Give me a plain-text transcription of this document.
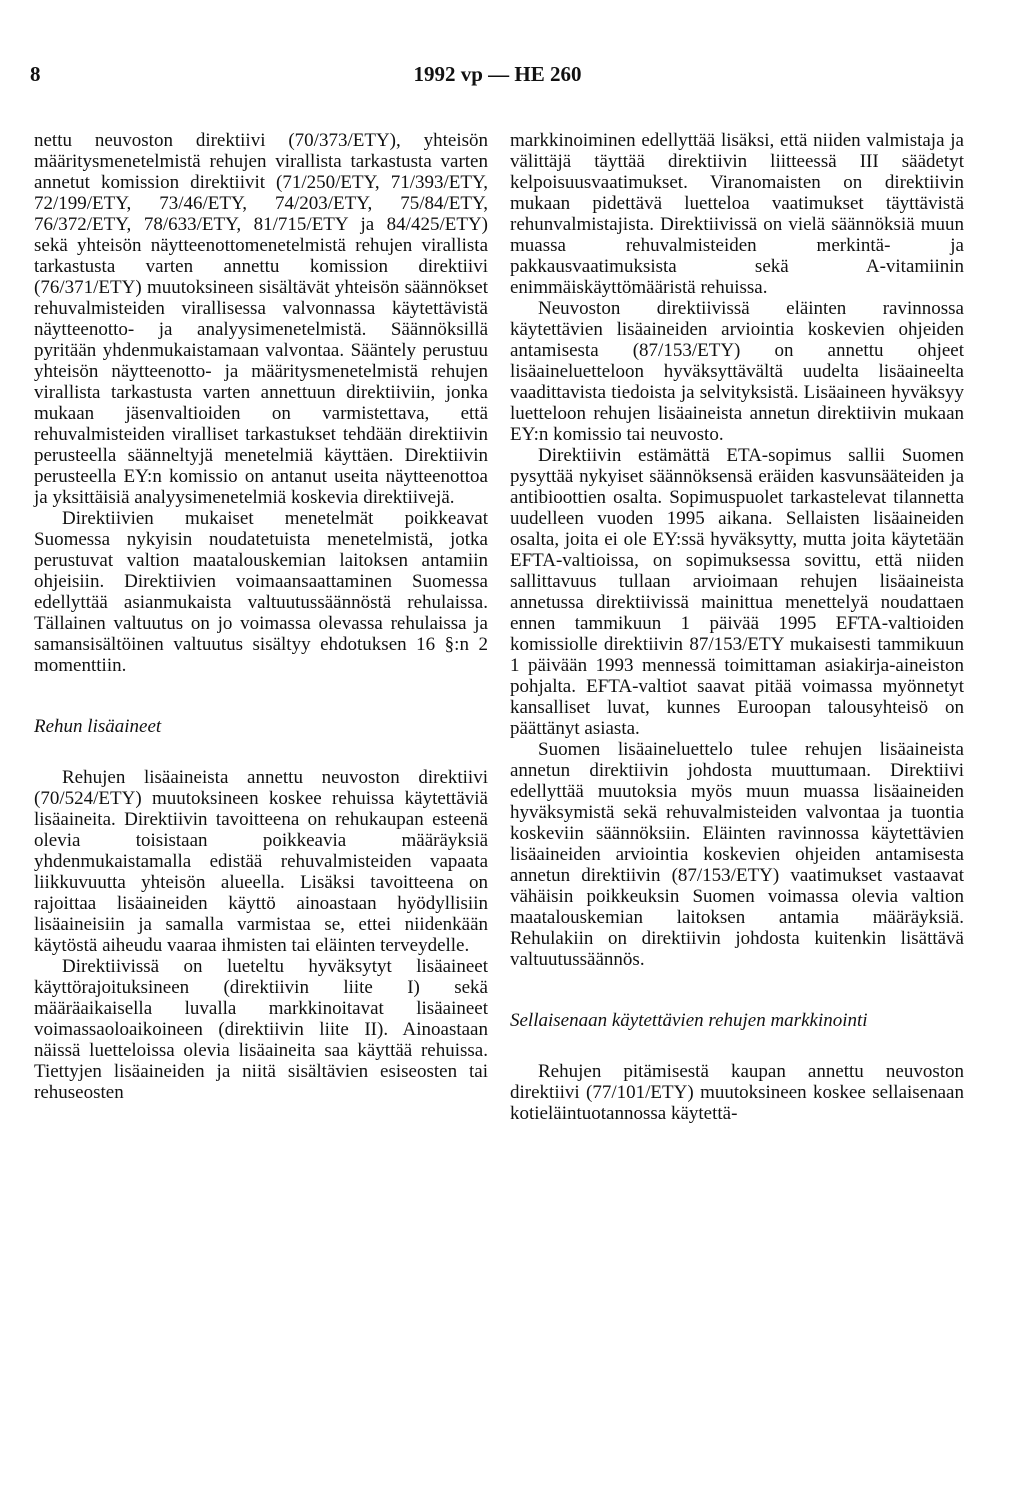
8	1992 vp — HE 260

nettu neuvoston direktiivi (70/373/ETY), yhteisön määritysmenetelmistä rehujen virallista tarkastusta varten annetut komission direktiivit (71/250/ETY, 71/393/ETY, 72/199/ETY, 73/46/ETY, 74/203/ETY, 75/84/ETY, 76/372/ETY, 78/633/ETY, 81/715/ETY ja 84/425/ETY) sekä yhteisön näytteenottomenetelmistä rehujen virallista tarkastusta varten annettu komission direktiivi (76/371/ETY) muutoksineen sisältävät yhteisön säännökset rehuvalmisteiden virallisessa valvonnassa käytettävistä näytteenotto- ja analyysimenetelmistä. Säännöksillä pyritään yhdenmukaistamaan valvontaa. Sääntely perustuu yhteisön näytteenotto- ja määritysmenetelmistä rehujen virallista tarkastusta varten annettuun direktiiviin, jonka mukaan jäsenvaltioiden on varmistettava, että rehuvalmisteiden viralliset tarkastukset tehdään direktiivin perusteella säänneltyjä menetelmiä käyttäen. Direktiivin perusteella EY:n komissio on antanut useita näytteenottoa ja yksittäisiä analyysimenetelmiä koskevia direktiivejä.

Direktiivien mukaiset menetelmät poikkeavat Suomessa nykyisin noudatetuista menetelmistä, jotka perustuvat valtion maatalouskemian laitoksen antamiin ohjeisiin. Direktiivien voimaansaattaminen Suomessa edellyttää asianmukaista valtuutussäännöstä rehulaissa. Tällainen valtuutus on jo voimassa olevassa rehulaissa ja samansisältöinen valtuutus sisältyy ehdotuksen 16 §:n 2 momenttiin.

Rehun lisäaineet

Rehujen lisäaineista annettu neuvoston direktiivi (70/524/ETY) muutoksineen koskee rehuissa käytettäviä lisäaineita. Direktiivin tavoitteena on rehukaupan esteenä olevia toisistaan poikkeavia määräyksiä yhdenmukaistamalla edistää rehuvalmisteiden vapaata liikkuvuutta yhteisön alueella. Lisäksi tavoitteena on rajoittaa lisäaineiden käyttö ainoastaan hyödyllisiin lisäaineisiin ja samalla varmistaa se, ettei niidenkään käytöstä aiheudu vaaraa ihmisten tai eläinten terveydelle.

Direktiivissä on lueteltu hyväksytyt lisäaineet käyttörajoituksineen (direktiivin liite I) sekä määräaikaisella luvalla markkinoitavat lisäaineet voimassaoloaikoineen (direktiivin liite II). Ainoastaan näissä luetteloissa olevia lisäaineita saa käyttää rehuissa. Tiettyjen lisäaineiden ja niitä sisältävien esiseosten tai rehuseosten

markkinoiminen edellyttää lisäksi, että niiden valmistaja ja välittäjä täyttää direktiivin liitteessä III säädetyt kelpoisuusvaatimukset. Viranomaisten on direktiivin mukaan pidettävä luetteloa vaatimukset täyttävistä rehunvalmistajista. Direktiivissä on vielä säännöksiä muun muassa rehuvalmisteiden merkintä- ja pakkausvaatimuksista sekä A-vitamiinin enimmäiskäyttömääristä rehuissa.

Neuvoston direktiivissä eläinten ravinnossa käytettävien lisäaineiden arviointia koskevien ohjeiden antamisesta (87/153/ETY) on annettu ohjeet lisäaineluetteloon hyväksyttävältä uudelta lisäaineelta vaadittavista tiedoista ja selvityksistä. Lisäaineen hyväksyy luetteloon rehujen lisäaineista annetun direktiivin mukaan EY:n komissio tai neuvosto.

Direktiivin estämättä ETA-sopimus sallii Suomen pysyttää nykyiset säännöksensä eräiden kasvunsääteiden ja antibioottien osalta. Sopimuspuolet tarkastelevat tilannetta uudelleen vuoden 1995 aikana. Sellaisten lisäaineiden osalta, joita ei ole EY:ssä hyväksytty, mutta joita käytetään EFTA-valtioissa, on sopimuksessa sovittu, että niiden sallittavuus tullaan arvioimaan rehujen lisäaineista annetussa direktiivissä mainittua menettelyä noudattaen ennen tammikuun 1 päivää 1995 EFTA-valtioiden komissiolle direktiivin 87/153/ETY mukaisesti tammikuun 1 päivään 1993 mennessä toimittaman asiakirja-aineiston pohjalta. EFTA-valtiot saavat pitää voimassa myönnetyt kansalliset luvat, kunnes Euroopan talousyhteisö on päättänyt asiasta.

Suomen lisäaineluettelo tulee rehujen lisäaineista annetun direktiivin johdosta muuttumaan. Direktiivi edellyttää muutoksia myös muun muassa lisäaineiden hyväksymistä sekä rehuvalmisteiden valvontaa ja tuontia koskeviin säännöksiin. Eläinten ravinnossa käytettävien lisäaineiden arviointia koskevien ohjeiden antamisesta annetun direktiivin (87/153/ETY) vaatimukset vastaavat vähäisin poikkeuksin Suomen voimassa olevia valtion maatalouskemian laitoksen antamia määräyksiä. Rehulakiin on direktiivin johdosta kuitenkin lisättävä valtuutussäännös.

Sellaisenaan käytettävien rehujen markkinointi

Rehujen pitämisestä kaupan annettu neuvoston direktiivi (77/101/ETY) muutoksineen koskee sellaisenaan kotieläintuotannossa käytettä-
